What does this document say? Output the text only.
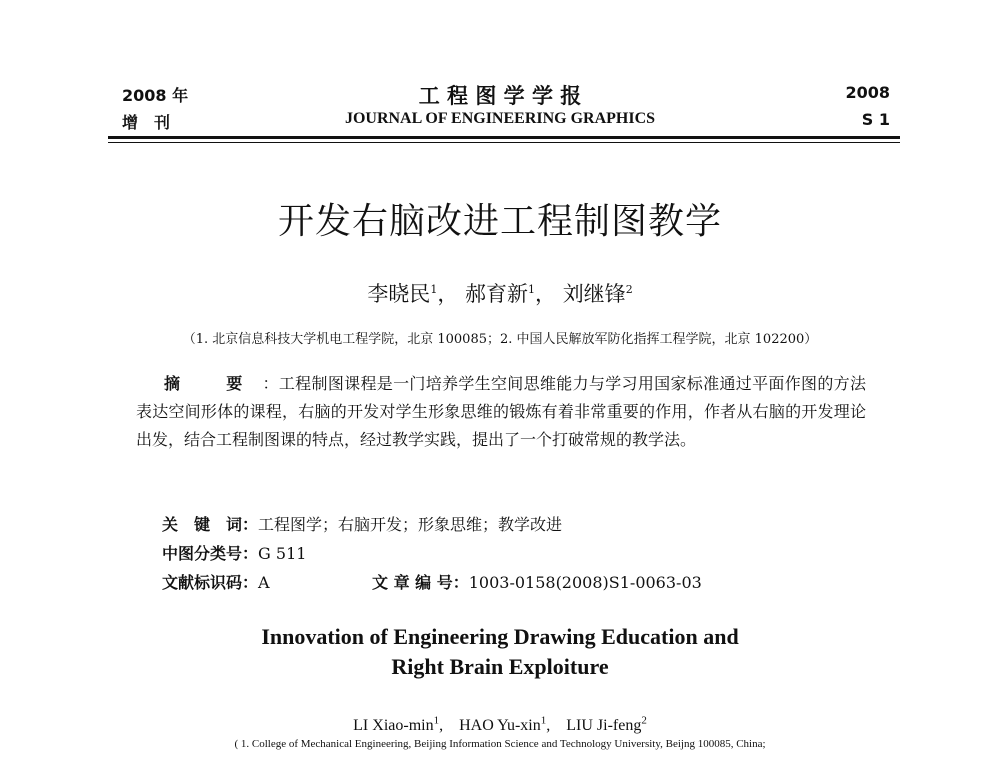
2008 年
增　刊
工 程 图 学 学 报
JOURNAL OF ENGINEERING GRAPHICS
2008
S 1
开发右脑改进工程制图教学
李晓民$^1$， 郝育新$^1$， 刘继锋$^2$
（1. 北京信息科技大学机电工程学院，北京 100085；2. 中国人民解放军防化指挥工程学院，北京 102200）
摘 要：工程制图课程是一门培养学生空间思维能力与学习用国家标准通过平面作图的方法表达空间形体的课程，右脑的开发对学生形象思维的锻炼有着非常重要的作用，作者从右脑的开发理论出发，结合工程制图课的特点，经过教学实践，提出了一个打破常规的教学法。
关　键　词：工程图学；右脑开发；形象思维；教学改进
中图分类号：G 511
文献标识码：A	文 章 编 号：1003-0158(2008)S1-0063-03
Innovation of Engineering Drawing Education and
Right Brain Exploiture
LI Xiao-$\min^1$,　HAO Yu-xin$^1$,　LIU Ji-feng$^2$
( 1. College of Mechanical Engineering, Beijing Information Science and Technology University, Beijng 100085, China;
